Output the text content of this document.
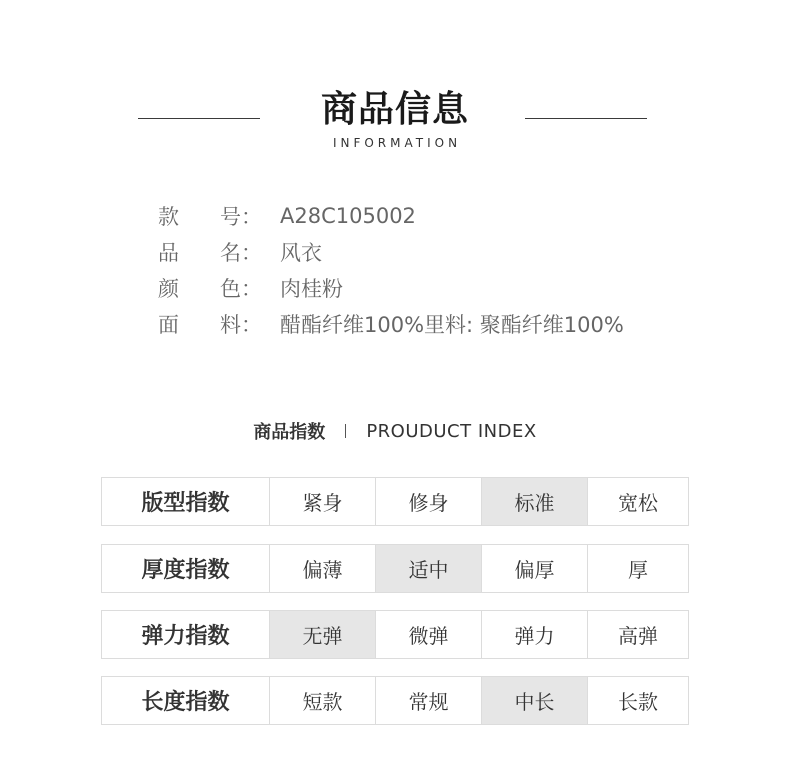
商品信息
INFORMATION
款	号： A28C105002
品	名： 风衣
颜	色： 肉桂粉
面	料： 醋酯纤维100%里料: 聚酯纤维100%
商品指数 PROUDUCT INDEX
版型指数	紧身	修身	标准	宽松
厚度指数	偏薄	适中	偏厚	厚
弹力指数	无弹	微弹	弹力	高弹
长度指数	短款	常规	中长	长款
